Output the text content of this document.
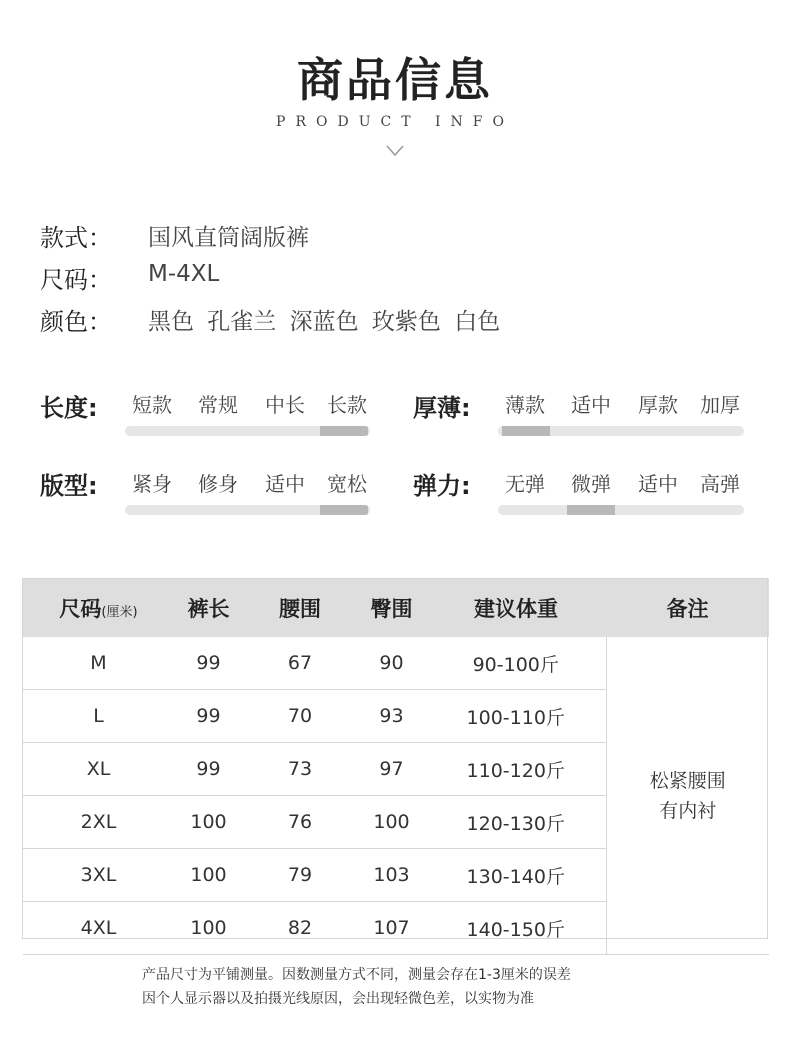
商品信息
PRODUCT INFO
款式： 国风直筒阔版裤
尺码： M-4XL
颜色： 黑色 孔雀兰 深蓝色 玫紫色 白色
长度:	短款	常规	中长	长款	厚薄:	薄款	适中	厚款	加厚
版型:	紧身	修身	适中	宽松	弹力:	无弹	微弹	适中	高弹
尺码(厘米)	裤长	腰围	臀围	建议体重	备注
M	99	67	90	90-100斤	松紧腰围
有内衬

L	99	70	93	100-110斤	
XL	99	73	97	110-120斤	
2XL	100	76	100	120-130斤	
3XL	100	79	103	130-140斤	
4XL	100	82	107	140-150斤	
产品尺寸为平铺测量。因数测量方式不同，测量会存在1-3厘米的误差
因个人显示器以及拍摄光线原因，会出现轻微色差，以实物为准
